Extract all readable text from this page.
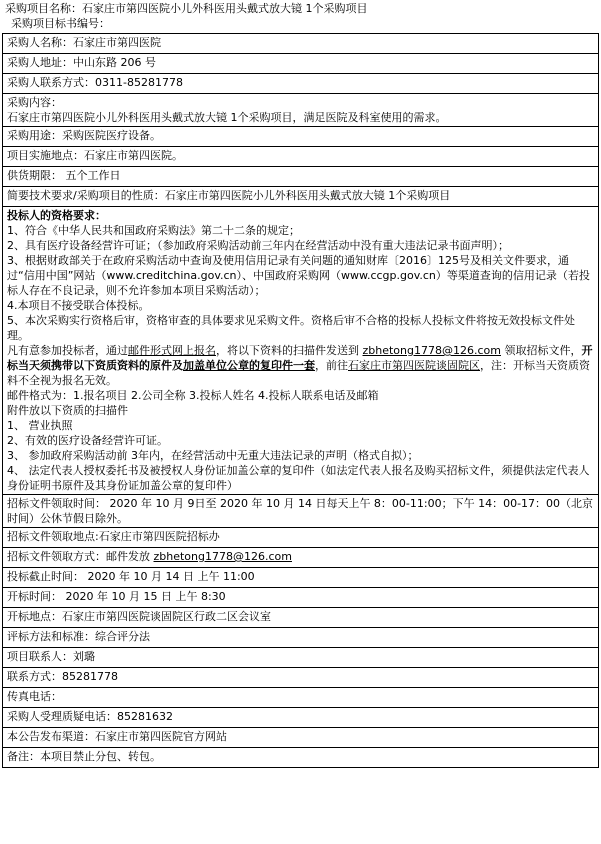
采购项目名称：石家庄市第四医院小儿外科医用头戴式放大镜 1个采购项目
采购项目标书编号：
采购人名称：石家庄市第四医院
采购人地址：中山东路 206 号
采购人联系方式：0311-85281778

采购内容：
石家庄市第四医院小儿外科医用头戴式放大镜 1个采购项目，满足医院及科室使用的需求。

采购用途：采购医院医疗设备。
项目实施地点：石家庄市第四医院。
供货期限： 五个工作日
简要技术要求/采购项目的性质：石家庄市第四医院小儿外科医用头戴式放大镜 1个采购项目

投标人的资格要求：

1、符合《中华人民共和国政府采购法》第二十二条的规定；

2、具有医疗设备经营许可证；（参加政府采购活动前三年内在经营活动中没有重大违法记录书面声明）；

3、根据财政部关于在政府采购活动中查询及使用信用记录有关问题的通知财库〔2016〕125号及相关文件要求，通过“信用中国”网站（www.creditchina.gov.cn）、中国政府采购网（www.ccgp.gov.cn）等渠道查询的信用记录（若投标人存在不良记录，则不允许参加本项目采购活动）；

4.本项目不接受联合体投标。

5、本次采购实行资格后审，资格审查的具体要求见采购文件。资格后审不合格的投标人投标文件将按无效投标文件处理。

凡有意参加投标者，通过邮件形式网上报名，将以下资料的扫描件发送到 zbhetong1778@126.com 领取招标文件，开标当天须携带以下资质资料的原件及加盖单位公章的复印件一套，前往石家庄市第四医院谈固院区，注：开标当天资质资料不全视为报名无效。

邮件格式为：1.报名项目 2.公司全称 3.投标人姓名 4.投标人联系电话及邮箱

附件放以下资质的扫描件

1、 营业执照

2、有效的医疗设备经营许可证。

3、 参加政府采购活动前 3年内，在经营活动中无重大违法记录的声明（格式自拟）；

4、 法定代表人授权委托书及被授权人身份证加盖公章的复印件（如法定代表人报名及购买招标文件，须提供法定代表人身份证明书原件及其身份证加盖公章的复印件）

招标文件领取时间： 2020 年 10 月 9日至 2020 年 10 月 14 日每天上午 8：00-11:00；下午 14：00-17：00（北京时间）公休节假日除外。
招标文件领取地点:石家庄市第四医院招标办
招标文件领取方式：邮件发放 zbhetong1778@126.com
投标截止时间： 2020 年 10 月 14 日 上午 11:00
开标时间： 2020 年 10 月 15 日 上午 8:30
开标地点：石家庄市第四医院谈固院区行政二区会议室
评标方法和标准：综合评分法
项目联系人：刘璐
联系方式：85281778
传真电话：
采购人受理质疑电话：85281632
本公告发布渠道：石家庄市第四医院官方网站
备注：本项目禁止分包、转包。
